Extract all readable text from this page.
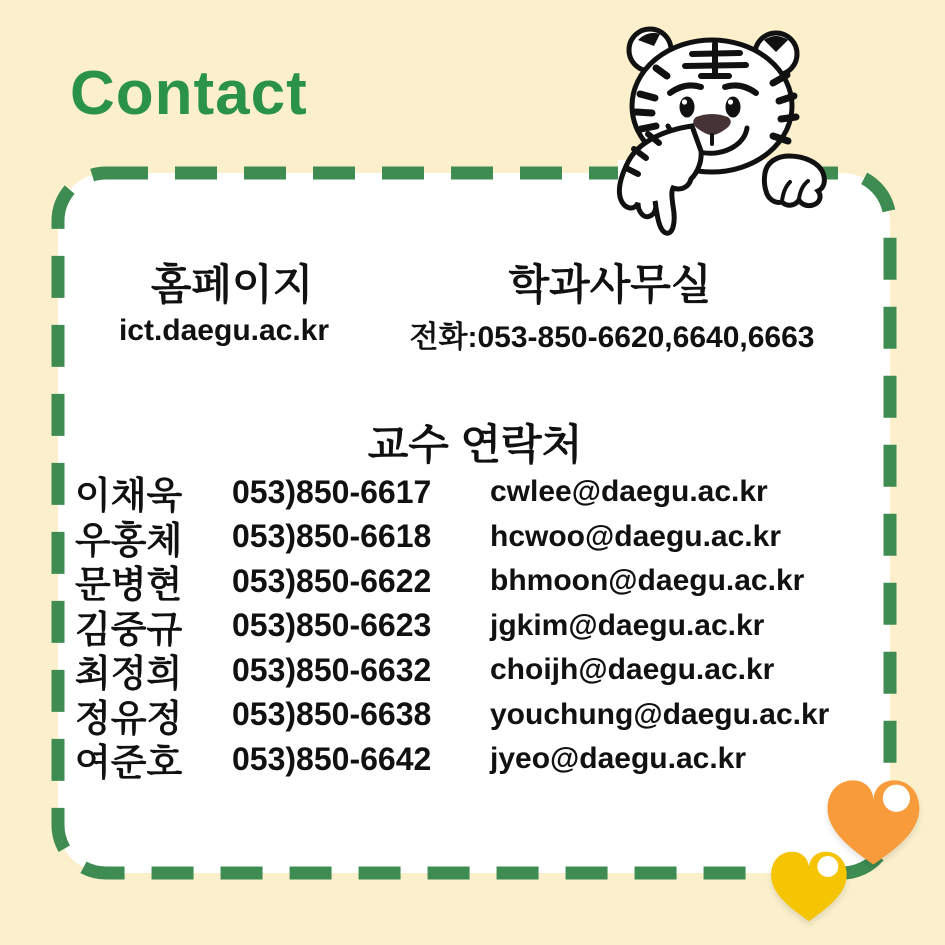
Contact
홈페이지
ict.daegu.ac.kr
학과사무실
전화:053-850-6620,6640,6663
교수 연락처
이채욱	053)850-6617	cwlee@daegu.ac.kr
우홍체	053)850-6618	hcwoo@daegu.ac.kr
문병현	053)850-6622	bhmoon@daegu.ac.kr
김중규	053)850-6623	jgkim@daegu.ac.kr
최정희	053)850-6632	choijh@daegu.ac.kr
정유정	053)850-6638	youchung@daegu.ac.kr
여준호	053)850-6642	jyeo@daegu.ac.kr
